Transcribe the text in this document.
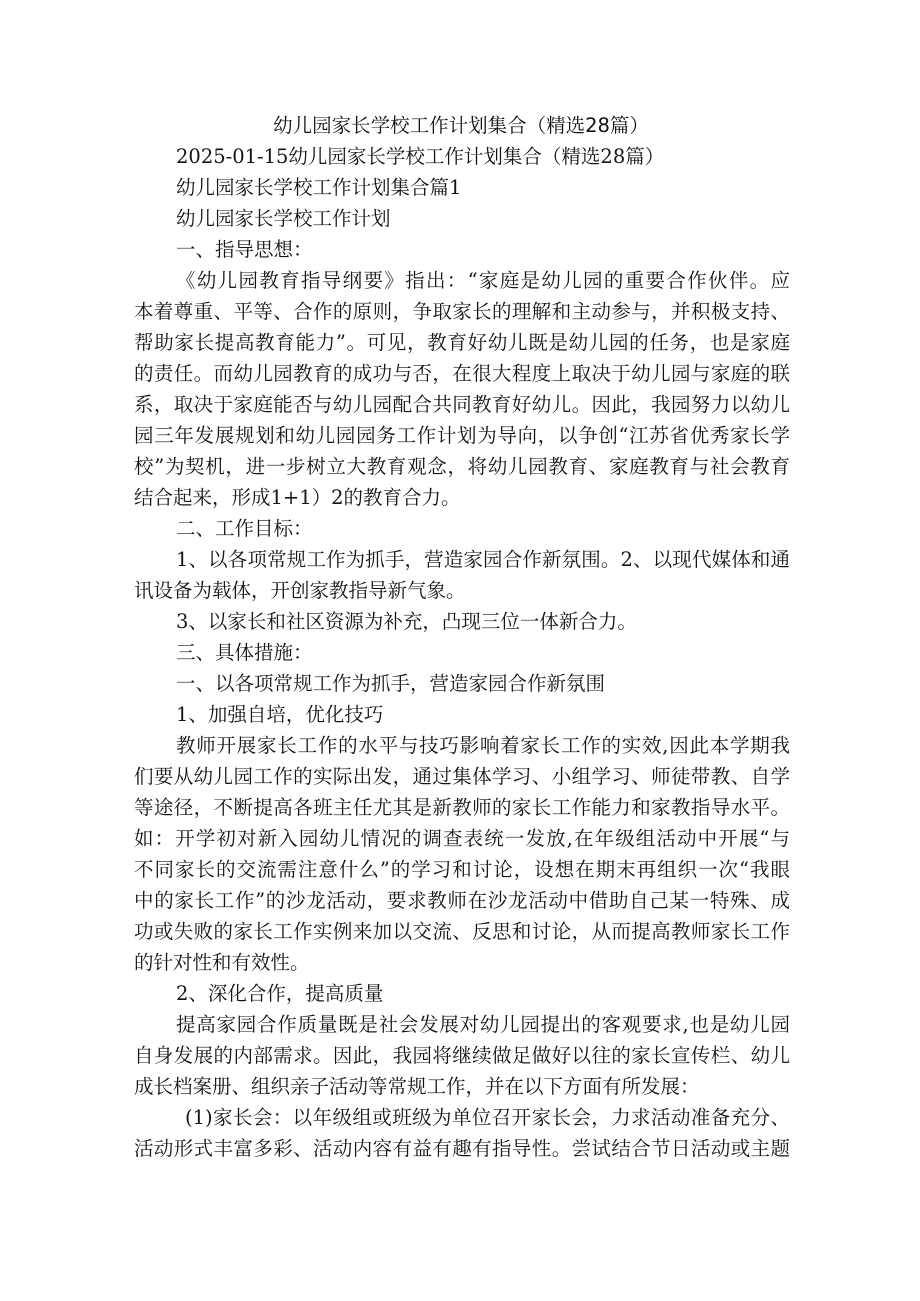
幼儿园家长学校工作计划集合（精选28篇）
2025-01-15幼儿园家长学校工作计划集合（精选28篇）
幼儿园家长学校工作计划集合篇1
幼儿园家长学校工作计划
一、指导思想：
《幼儿园教育指导纲要》指出：“家庭是幼儿园的重要合作伙伴。应
本着尊重、平等、合作的原则，争取家长的理解和主动参与，并积极支持、
帮助家长提高教育能力”。可见，教育好幼儿既是幼儿园的任务，也是家庭
的责任。而幼儿园教育的成功与否，在很大程度上取决于幼儿园与家庭的联
系，取决于家庭能否与幼儿园配合共同教育好幼儿。因此，我园努力以幼儿
园三年发展规划和幼儿园园务工作计划为导向，以争创“江苏省优秀家长学
校”为契机，进一步树立大教育观念，将幼儿园教育、家庭教育与社会教育
结合起来，形成1+1）2的教育合力。
二、工作目标：
1、以各项常规工作为抓手，营造家园合作新氛围。2、以现代媒体和通
讯设备为载体，开创家教指导新气象。
3、以家长和社区资源为补充，凸现三位一体新合力。
三、具体措施：
一、以各项常规工作为抓手，营造家园合作新氛围
1、加强自培，优化技巧
教师开展家长工作的水平与技巧影响着家长工作的实效,因此本学期我
们要从幼儿园工作的实际出发，通过集体学习、小组学习、师徒带教、自学
等途径，不断提高各班主任尤其是新教师的家长工作能力和家教指导水平。
如：开学初对新入园幼儿情况的调查表统一发放,在年级组活动中开展“与
不同家长的交流需注意什么”的学习和讨论，设想在期末再组织一次“我眼
中的家长工作”的沙龙活动，要求教师在沙龙活动中借助自己某一特殊、成
功或失败的家长工作实例来加以交流、反思和讨论，从而提高教师家长工作
的针对性和有效性。
2、深化合作，提高质量
提高家园合作质量既是社会发展对幼儿园提出的客观要求,也是幼儿园
自身发展的内部需求。因此，我园将继续做足做好以往的家长宣传栏、幼儿
成长档案册、组织亲子活动等常规工作，并在以下方面有所发展：
(1)家长会：以年级组或班级为单位召开家长会，力求活动准备充分、
活动形式丰富多彩、活动内容有益有趣有指导性。尝试结合节日活动或主题
